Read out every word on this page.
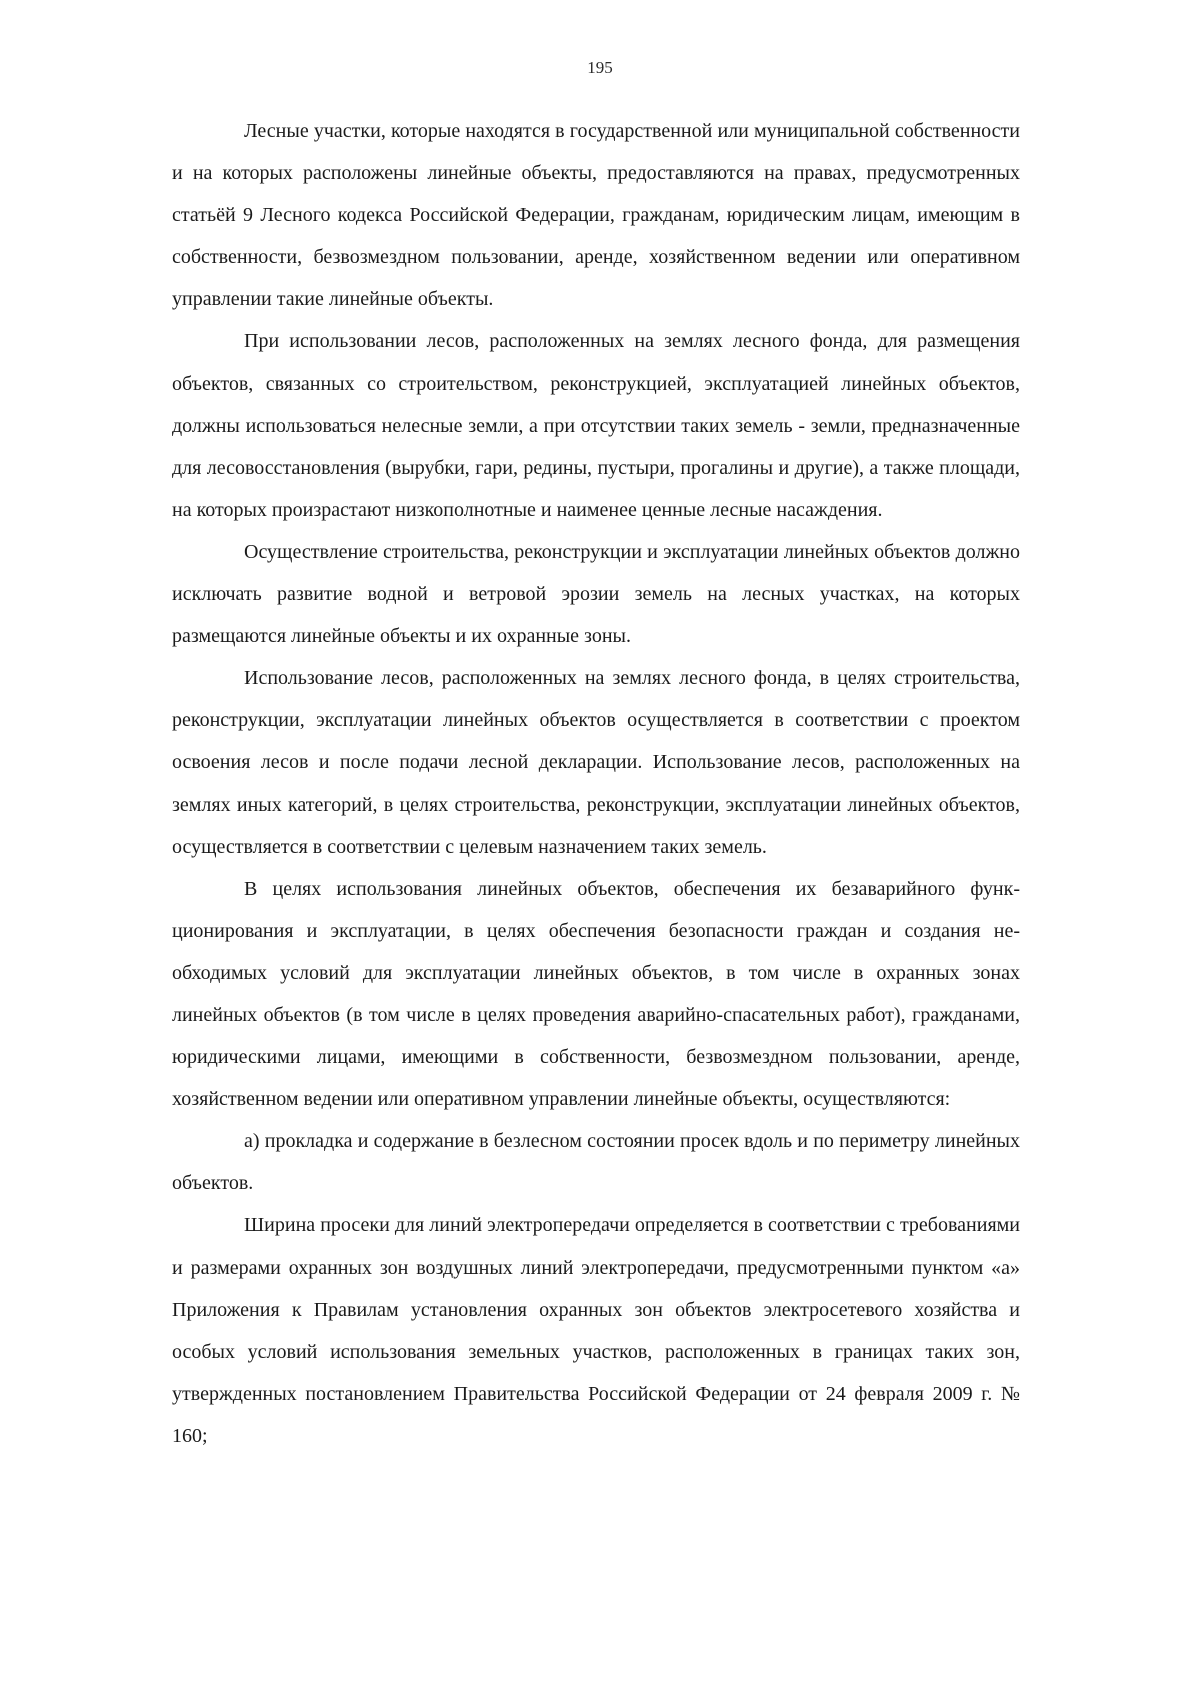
195

Лесные участки, которые находятся в государственной или муниципальной собственности и на которых расположены линейные объекты, предоставляются на правах, предусмотренных статьёй 9 Лесного кодекса Российской Федерации, гражданам, юридическим лицам, имеющим в собственности, безвозмездном пользовании, аренде, хозяйственном ведении или оперативном управлении такие линейные объекты.

При использовании лесов, расположенных на землях лесного фонда, для размещения объектов, связанных со строительством, реконструкцией, эксплуатацией линейных объектов, должны использоваться нелесные земли, а при отсутствии таких земель - земли, предназначенные для лесовосстановления (вырубки, гари, редины, пустыри, прогалины и другие), а также площади, на которых произрастают низкополнотные и наименее ценные лесные насаждения.

Осуществление строительства, реконструкции и эксплуатации линейных объектов должно исключать развитие водной и ветровой эрозии земель на лесных участках, на которых размещаются линейные объекты и их охранные зоны.

Использование лесов, расположенных на землях лесного фонда, в целях строительства, реконструкции, эксплуатации линейных объектов осуществляется в соответствии с проектом освоения лесов и после подачи лесной декларации. Использование лесов, расположенных на землях иных категорий, в целях строительства, реконструкции, эксплуатации линейных объектов, осуществляется в соответствии с целевым назначением таких земель.

В целях использования линейных объектов, обеспечения их безаварийного функционирования и эксплуатации, в целях обеспечения безопасности граждан и создания необходимых условий для эксплуатации линейных объектов, в том числе в охранных зонах линейных объектов (в том числе в целях проведения аварийно-спасательных работ), гражданами, юридическими лицами, имеющими в собственности, безвозмездном пользовании, аренде, хозяйственном ведении или оперативном управлении линейные объекты, осуществляются:

а) прокладка и содержание в безлесном состоянии просек вдоль и по периметру линейных объектов.

Ширина просеки для линий электропередачи определяется в соответствии с требованиями и размерами охранных зон воздушных линий электропередачи, предусмотренными пунктом «а» Приложения к Правилам установления охранных зон объектов электросетевого хозяйства и особых условий использования земельных участков, расположенных в границах таких зон, утвержденных постановлением Правительства Российской Федерации от 24 февраля 2009 г. № 160;
